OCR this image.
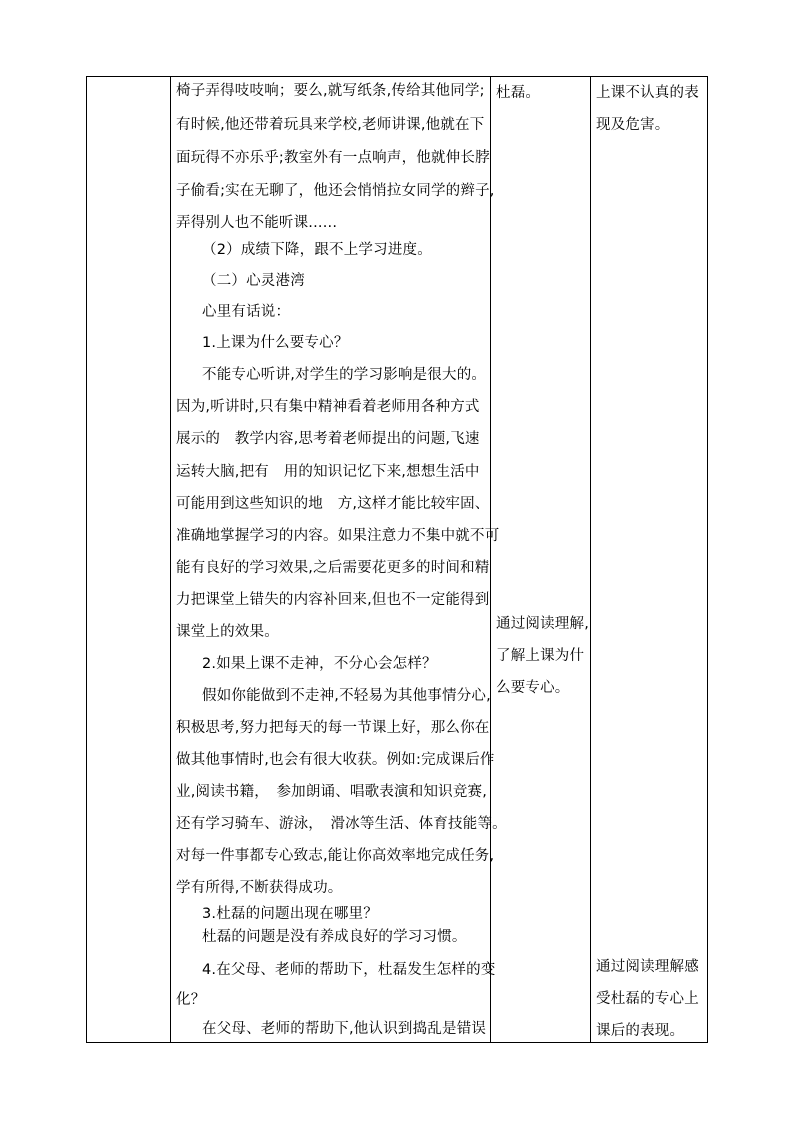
椅子弄得吱吱响；要么,就写纸条,传给其他同学;
有时候,他还带着玩具来学校,老师讲课,他就在下
面玩得不亦乐乎;教室外有一点响声，他就伸长脖
子偷看;实在无聊了，他还会悄悄拉女同学的辫子,
弄得别人也不能听课......
（2）成绩下降，跟不上学习进度。
（二）心灵港湾
心里有话说：
1.上课为什么要专心？
不能专心听讲,对学生的学习影响是很大的。
因为,听讲时,只有集中精神看着老师用各种方式
展示的　教学内容,思考着老师提出的问题,飞速
运转大脑,把有　用的知识记忆下来,想想生活中
可能用到这些知识的地　方,这样才能比较牢固、
准确地掌握学习的内容。如果注意力不集中就不可
能有良好的学习效果,之后需要花更多的时间和精
力把课堂上错失的内容补回来,但也不一定能得到
课堂上的效果。
2.如果上课不走神，不分心会怎样？
假如你能做到不走神,不轻易为其他事情分心,
积极思考,努力把每天的每一节课上好，那么你在
做其他事情时,也会有很大收获。例如:完成课后作
业,阅读书籍，　参加朗诵、唱歌表演和知识竞赛,
还有学习骑车、游泳，　滑冰等生活、体育技能等。
对每一件事都专心致志,能让你高效率地完成任务,
学有所得,不断获得成功。
3.杜磊的问题出现在哪里？
杜磊的问题是没有养成良好的学习习惯。
4.在父母、老师的帮助下，杜磊发生怎样的变
化？
在父母、老师的帮助下,他认识到捣乱是错误
杜磊。
通过阅读理解,
了解上课为什
么要专心。
上课不认真的表
现及危害。
通过阅读理解感
受杜磊的专心上
课后的表现。
